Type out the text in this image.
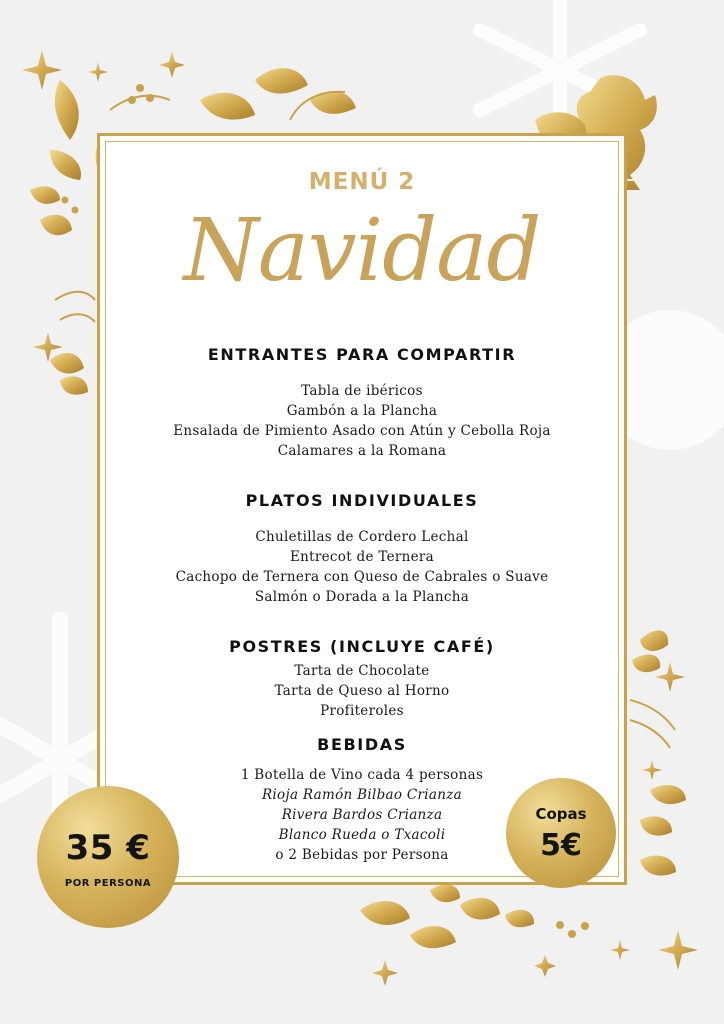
MENÚ 2
Navidad
ENTRANTES PARA COMPARTIR
Tabla de ibéricos
Gambón a la Plancha
Ensalada de Pimiento Asado con Atún y Cebolla Roja
Calamares a la Romana
PLATOS INDIVIDUALES
Chuletillas de Cordero Lechal
Entrecot de Ternera
Cachopo de Ternera con Queso de Cabrales o Suave
Salmón o Dorada a la Plancha
POSTRES (INCLUYE CAFÉ)
Tarta de Chocolate
Tarta de Queso al Horno
Profiteroles
BEBIDAS
1 Botella de Vino cada 4 personas
Rioja Ramón Bilbao Crianza
Rivera Bardos Crianza
Blanco Rueda o Txacoli
o 2 Bebidas por Persona
35 €
POR PERSONA
Copas
5€
